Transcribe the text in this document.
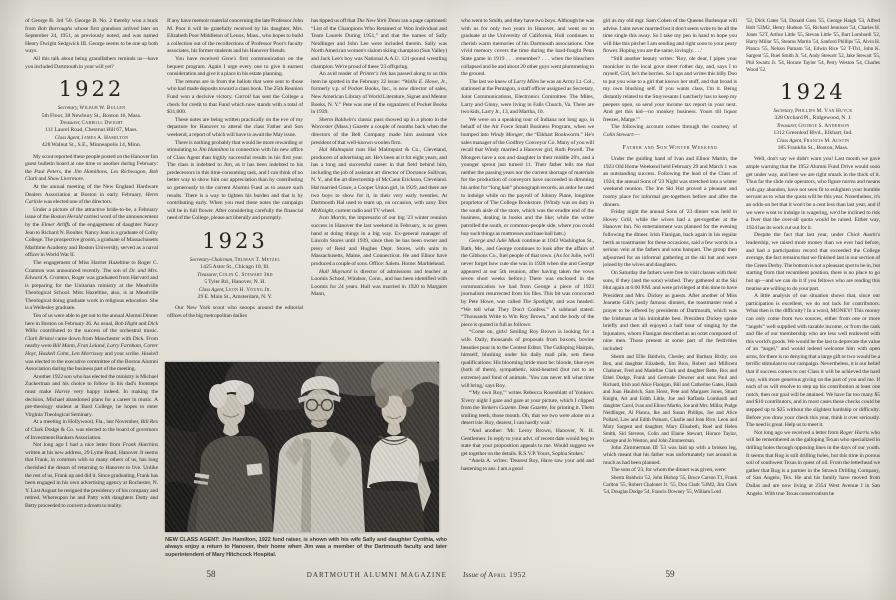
of George B. 3rd '50. George B. No. 2 thereby won a buck from Bob Burroughs whose first grandson arrived later on September 24, 1951, as previously noted, and was named Henry Dwight Sedgwick III. George seems to be one up both ways.

All this talk about being grandfathers reminds us—have you included Dartmouth in your will yet?

1922
Secretary, Wilbur W. Bullen
5th Floor, 38 Newbury St., Boston 16, Mass.
Treasurer, Carroll Dwight
111 Laurel Road, Chestnut Hill 67, Mass.
Class Agent, James A. Hamilton
428 Walnut St., S.E., Minneapolis 14, Minn.

My scout reported these people posted on the Hanover Inn guest bulletin board at one time or another during February: the Paul Peters, the Jim Hamiltons, Les Richwagon, Bob Clark and Shaw Livermore.

At the annual meeting of the New England Hardware Dealers Association at Boston in early February, Herm Carlisle was elected one of the directors.

Under a picture of the attractive bride-to-be, a February issue of the Boston Herald carried word of the announcement by the Elmer Arliffs of the engagement of daughter Nancy Jean to Richard N. Boulter. Nancy Jean is a graduate of Colby College. The prospective groom, a graduate of Massachusetts Maritime Academy and Boston University, served as a naval officer in World War II.

The engagement of Miss Harriet Hazeltine to Roger C. Cramton was announced recently. The son of Dr. and Mrs. Edward A. Cramton, Roger was graduated from Harvard and is preparing for the Unitarian ministry at the Meadville Theological School. Miss Hazeltine, also, is at Meadville Theological doing graduate work in religious education. She is a Wellesley graduate.

Ten of us were able to get out to the annual Alumni Dinner here in Boston on February 26. As usual, Bob Hight and Dick Willis contributed to the success of the orchestral music. Clark Bristol came down from Manchester with Dick. From nearby were Bill Mann, Fran Leland, Larry Farnham, Carter Hoyt, Haskell Cohn, Len Morrissey and your scribe. Haskell was elected to the executive committee of the Boston Alumni Association during the business part of the meeting.

Another 1922 son who has elected the ministry is Michael Zuckerman and his choice to follow in his dad's footsteps must make Harvie very happy indeed. In making the decision, Michael abandoned plans for a career in music. A pre-theology student at Bard College, he hopes to enter Virginia Theological Seminary.

At a meeting in Hollywood, Fla., last November, Bill Rex of Clark Dodge & Co. was elected to the board of governors of Investment Bankers Association.

Not long ago I had a nice letter from Frank Hutchins written at his new address, 29 Lyme Road, Hanover. It seems that Frank, in common with so many others of us, has long cherished the dream of returning to Hanover to live. Unlike the rest of us, Frank up and did it. Since graduating, Frank has been engaged in his own advertising agency at Rochester, N. Y. Last August he resigned the presidency of his company and retired. Whereupon he and Patty with daughters Dotty and Betty proceeded to convert a dream to reality.

If any have memoir material concerning the late Professor John M. Poor it will be gratefully received by his daughter, Mrs. Elizabeth Poor Middleton of Lenox, Mass., who hopes to build a collection out of the recollections of Professor Poor's faculty associates, his former students and his Hanover friends.

You have received Gene's first communication on the bequest program. Again I urge every one to give it earnest consideration and give it a place in his estate planning.

The returns are in from the ballots that were sent to those who had made deposits toward a class book. The 25th Reunion Fund won a decisive victory. Carroll has sent the College a check for credit to that Fund which now stands with a total of $31,000.

These notes are being written practically on the eve of my departure for Hanover to attend the class Father and Son weekend, a report of which will have to await the May issue.

There is nothing probably that would be more rewarding or stimulating to Jim Hamilton in connection with his new office of Class Agent than highly successful results in his first year. The class is indebted to Jim, as it has been indebted to his predecessors in this time-consuming task, and I can think of no better way to show him our appreciation than by contributing so generously to the current Alumni Fund as to assure such results. There is a way to lighten his burden and that is by contributing early. When you read these notes the campaign will be in full flower. After considering carefully the financial need of the College, please act liberally and promptly.

1923
Secretary-Chairman, Truman T. Metzel
1425 Astor St., Chicago 10, Ill.
Treasurer, Colin C. Stewart 3rd
5 Tyler Rd., Hanover, N. H.
Class Agent, Leon H. Young Jr.
29 E. Main St., Amsterdam, N. Y.

Our New York scout who snoops around the editorial offices of the big metropolitan dailies

has tipped us off that The New York Times ran a page captioned: “List of the Champions Who Retained or Won Individual and Team Laurels During 1951,” and that the names of Sally Neidlinger and John Lee were included therein. Sally was North American women's slalom skiing champion (Sun Valley) and Jack Lee's boy was National A.A.U. 121-pound wrestling champion. We're proud of these '23 offspring.

An avid reader of Printer's Ink has passed along to us this item he spotted in the February 22 issue: “Wallis E. Howe, Jr., formerly v.p. of Pocket Books, Inc., is now director of sales, New American Library of World Literature, Signet and Mentor Books, N. Y.” Pete was one of the organizers of Pocket Books in 1939.

Sherm Baldwin's classic puss showed up in a photo in the Worcester (Mass.) Gazette a couple of months back when the directors of the Bell Company made him assistant vice president of that well-known woolen firm.

Hal Malmquist runs Hal Malmquist & Co., Cleveland, producers of advertising art. He's been at it for eight years, and has a long and successful career in that field behind him, including the job of assistant art director of Dorrance Sullivan, N. Y., and the art directorship of McCann Erickson, Cleveland. Hal married Grace, a Cooper Union girl, in 1929, and there are two boys to show for it, in their very early twenties. At Dartmouth Hal used to team up, on occasion, with zany Tom McKnight, current radio and TV wheel.

Ivan Martin, the impresario of our big '23 winter reunion success in Hanover the last weekend in February, is no green hand at doing things in a big way. Ex-general manager of Lincoln Stores until 1939, since then he has been owner and presy of Reid and Hughes Dept. Stores, with units in Massachusetts, Maine, and Connecticut. He and Elinor have produced a couple of sons. Office: Salem. Home: Marblehead.

Hull Maynard is director of admissions and teacher at Loomis School, Windsor, Conn., and has been identified with Loomis for 24 years. Hull was married in 1920 to Margaret Mann,

who went to Smith, and they have two boys. Although he was with us for only two years in Hanover, and went on to graduate at the University of California, Hull continues to cherish warm memories of his Dartmouth associations. One vivid memory covers the time during the hard-fought Penn State game in 1919 . . . remember? . . . when the bleachers collapsed and he and about 20 other guys went plummeting to the ground.

The last we knew of Larry Miles he was an Army Lt. Col., stationed at the Pentagon, a staff officer assigned as Secretary, Joint Communications, Electronics Committee. The Miles, Larry and Ginny, were living in Falls Church, Va. There are two kids, Larry Jr., 13, and Martha, 10.

We were on a speaking tour of Indiana not long ago, in behalf of the Air Force Small Business Program, when we bumped into Windy Monger, the “Elkhart Bookworm.” He's sales manager of the Godfrey Conveyor Co. Many of you will recall that Windy married a Hanover girl, Ruth Powell. The Mongers have a son and daughter in their middle 20's, and a younger sprout just turned 11. Their father tells me that neither the passing years nor the current shortage of materials for the production of conveyors have succeeded in dimming his ardor for “long hair” phonograph records, an ardor he used to indulge while on the payroll of Johnny Piane, longtime proprietor of The College Bookstore. (Windy was on duty in the south aisle of the store, which was the erudite end of the business, dealing in books and the like; while the writer patrolled the south, or common-people side, where you could buy such things as mattresses and base ball bats.)

George and Julie Musk continue at 1043 Washington St., Bath, Me., and George continues to look after the affairs of the Gibbons Co., fuel people of that town. (As for Julie, we'll never forget how cute she was in 1928 when she and George appeared at our 5th reunion, after having taken the vows seven short weeks before.) There was enclosed in the communication we had from George a piece of 1923 journalism resurrected from his files. This bit was concocted by Pete Howe, was called The Spotlight, and was headed: “We tell what They Don't Confess.” A subhead stated: “Thousands Write to Win Roy Brown,” and the body of the piece is quoted in full as follows:

“Come on, girls! Smiling Roy Brown is looking for a wife. Daily, thousands of proposals from buxom, bovine beauties pour in to the Contest Editor. The Galloping Hairpin, himself, blushing under his daily mail pile, sets these qualifications: His blooming bride must be: blonde, blue eyes (both of them), sympathetic, kind-hearted (but not to an extreme) and fond of animals. 'You can never tell what time will bring,' says Roy.

“'My own Roy,'” writes Rebecca Rosenblatt of Yonkers. 'Every night I gaze and gaze at your picture, which I clipped from the Yonkers Gazette. Dear Gazette, for printing it. Them smiling teeth, those mouth. Oh, that we two were alone on a desert isle. Roy, dearest, I can hardly wait.'

“And another: 'Mr. Leroy Brown, Hanover, N. H. Gentlemen: In reply to your advt. of recent date would beg to state that your proposition appeals to me. Would suggest we get together on the details. R.S.V.P. Yours, Sophia Stokes.'

“Anela A. writes: 'Dearest Roy, Have saw your add and hastening to ans. I am a good

girl as my old mgr. Sam Cohen of the Queens Burlesque will advise. I aint never married but it don't seem write to be all the time single this away. So I take my pen in hand to hope you will like this pitcher I am sending and right soon to your peary flower. Hoping you are the same, lovingly. . . .'

“Still another beauty writes: 'Roy, ole dear, I pipes your monicker in the local gove sheet t'other day, and, says I to myself, Girl, he's the berries. So I ups and writes this billy Doo to put you wise to a girl that knows her stuff, and that broad is my own blushing self. If you wants class, I'm it. Being distantly related to the Stuyvesants I natcherly has to keep my peepers open, so send your income tax report in your next. And get this kid—no monkey business. Yours till liquor freezes, Marge.'”

The following account comes through the courtesy of Colin Stewart:—

Father and Son Winter Weekend

Under the guiding hand of Ivan and Elinor Martin, the 1923 Old Home Weekend held February 29 and March 1 was an outstanding success. Following the lead of the Class of 1924, the annual Sons of '23 Night was stretched into a winter weekend reunion. The Inn Ski Hut proved a pleasant and roomy place for informal get-togethers before and after the dinners.

Friday night the annual Sons of '23 dinner was held in Hovey Grill, while the wives had a get-together at the Hanover Inn. No entertainment was planned for the evening following the dinner. Irish Flanigan, back again in his regular berth as toastmaster for these occasions, said a few words in a serious vein at the fathers and sons banquet. The group then adjourned for an informal gathering at the ski hut and were joined by the wives and daughters.

On Saturday the fathers were free to visit classes with their sons, if they (and the sons) wished. They gathered at the Ski Hut again at 6:00 P.M. and were privileged at this time to have President and Mrs. Dickey as guests. After another of Miss Jeanette Gill's justly famous dinners, the toastmaster read a prayer to be offered by presidents of Dartmouth, which was the Irishman at his inimitable best. President Dickey spoke briefly and then all enjoyed a half hour of singing by the Injunaires, whom Flanigan described as an octet composed of nine men. Those present at some part of the festivities included:

Sherm and Ellie Baldwin, Chesley and Barbara Bixby, son Ben, and daughter Elizabeth, Jim Brox, Robert and Millicent Chaloner, Fred and Madeline Clark and daughter Bette, Bux and Ethel Dodge, Frank and Gertrude Downer and sons Paul and Richard, Irish and Alice Flanigan, Bill and Catherine Gates, Haub and Joan Haubrich, Sam Horst, Pete and Margaret Jones, Stuart Knight, Art and Edith Little, Joe and Raffaela Lombardi and daughter Carol, Ivan and Elinor Martin, Joe and Mrs. Millar, Pudge Neidlinger, Al Pianca, Ike and Susan Phillips, Joe and Alice Pollard, Law and Edith Putnam, Charlie and Jean Rice, Leon and Mary Sargent and daughter, Mary Elisabeth, Ruel and Helen Smith, Sid Stevens, Colin and Elaine Stewart, Horace Taylor, George and Jo Weston, and John Zimmerman.

John Zimmerman III '53 was laid up with a broken leg, which meant that his father was unfortunately not around as much as had been planned.

The sons of '23, for whom the dinner was given, were:

Sherm Baldwin '52, John Bishop '55, Bruce Carson T1, Frank Carlton '55, Robert Chaloner Jr. '55, Don Clark '53M2, Jim Clark '54, Douglas Dodge '54, Francis Downey '55, William Lord

'52, Dick Gates '54, Donald Goss '55, George Haigh '53, Alfred Holt '53M2, Henry Hudson '55, Richard Jennison '54, Charles H. Jones '52T, Arthur Little '55, Stevan Little '55, Bart Lombardi '52, Harry Millar '55, Stearns Martin '54, Sanford Phillips '55, Alvin H. Pianca '55, Nelson Putnam '54, Edwin Rice '52 T-Th1, John K. Sargent '55, Ruel Smith Jr. '54, Andy Stewart '52, Jake Stewart '55, Phil Swartz Jr. '54, Horace Taylor '54, Perry Weston '54, Charles Wood '52.

1924
Secretary, Phillips M. Van Huyck
328 Orchard Pl., Ridgewood, N. J.
Treasurer, George S. Anderson
1312 Greenleaf Blvd., Elkhart, Ind.
Class Agent, Francis M. Austin
185 Franklin St., Boston, Mass.

Well, don't say we didn't warn you! Last month we gave ample warning that the 1952 Alumni Fund Drive would soon get under way, and here we are right smack in the thick of it. Thus far the slide rule operators, who figure norms and means with gay abandon, have not seen fit to enlighten your humble servant as to what the quota will be this year. Nonetheless, it's an odds-on bet that it won't be a cent less than last year, and if we were wont to indulge in wagering, we'd be inclined to risk a fiver that the over-all quota would be raised. Either way, 1924 has its work cut out for it.

Despite the fact that last year, under Chick Austin's leadership, we raised more money than we ever had before, and had a participation record that exceeded the College average, the fact remains that we finished last in our section of the Green Derby. The bottom is not a pleasant spot to be in, but starting from that recumbent position, there is no place to go but up—and we can do it if you fellows who are reading this treatise are willing to do your part.

A little analysis of our situation shows that, since our participation is excellent, we do not lack for contributors. What then is the difficulty? In a word, MONEY! This money can only come from two sources, either from one or more “angels” well supplied with taxable income, or from the rank and file of our membership who are less well endowed with this world's goods. We would be the last to deprecate the value of an “angel,” and would indeed welcome him with open arms, for there is no denying that a large gift or two would be a terrific stimulant to our campaign. Nevertheless, it is our belief that if success comes to our Class it will be achieved the hard way, with more generous giving on the part of you and me. If each of us will resolve to step up his contribution at least one notch, then our goal will be attained. We have far too many $5 and $10 contributors, and in most cases these checks could be stepped up to $25 without the slightest hardship or difficulty. Before you draw your check this year, think it over seriously. The need is great. Help us to meet it.

Not long ago we received a letter from Roger Harris who will be remembered as the galloping Texan who specialized in drilling holes through opposing lines in the days of our youth. It seems that Rog is still drilling holes, but this time in porous soil of southwest Texas in quest of oil. From the letterhead we gather that Rog is a partner in the Strawn Drilling Company, of San Angelo, Tex. He and his family have moved from Dallas and are now living at 2354 West Avenue J in San Angelo. With true Texas conservatism he

NEW CLASS AGENT: Jim Hamilton, 1922 fund raiser, is shown with his wife Sally and daughter Cynthia, who always enjoy a return to Hanover, their home when Jim was a member of the Dartmouth faculty and later superintendent of Mary Hitchcock Hospital.
58	DARTMOUTH ALUMNI MAGAZINE Issue of April 1952	59
